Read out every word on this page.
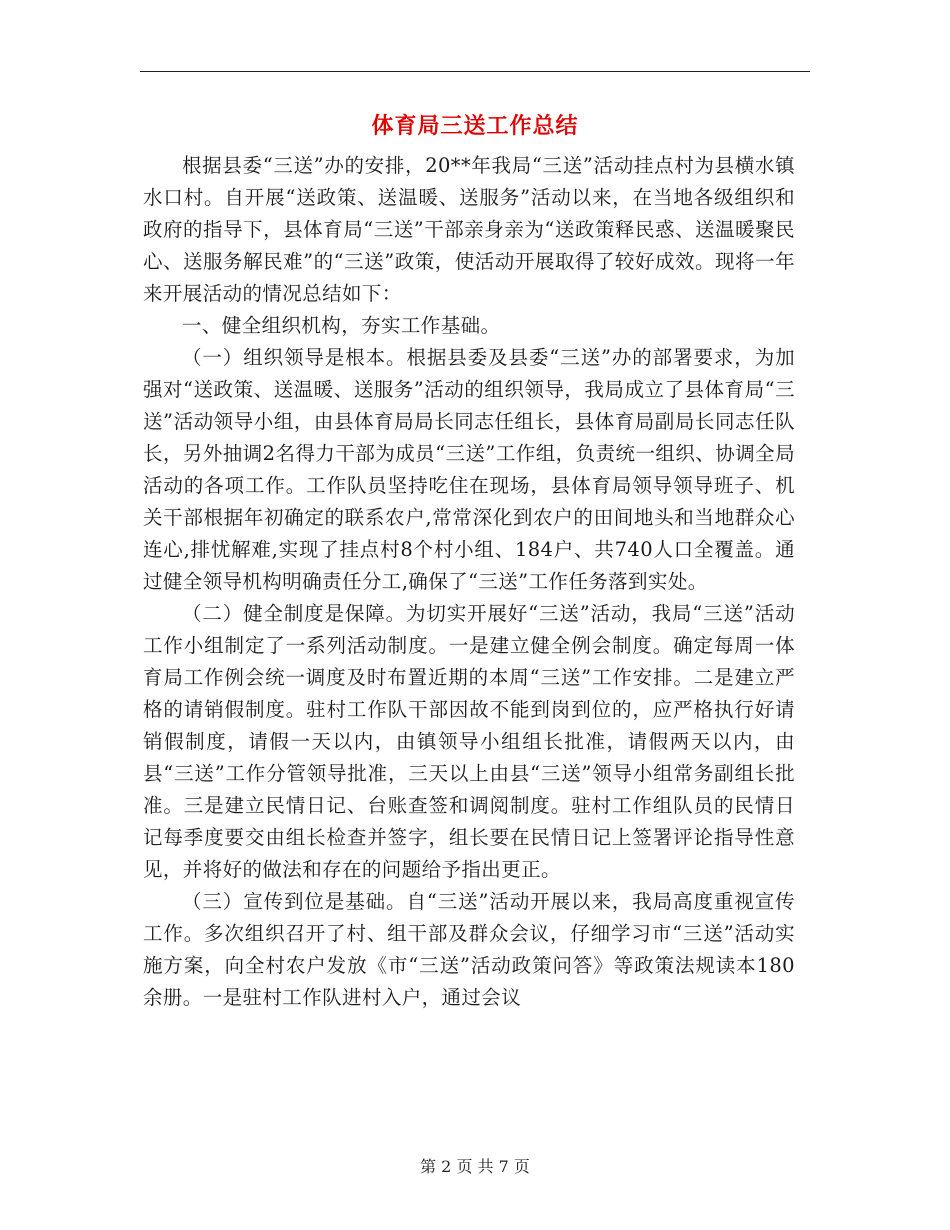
体育局三送工作总结

根据县委“三送”办的安排，20**年我局“三送”活动挂点村为县横水镇水口村。自开展“送政策、送温暖、送服务”活动以来，在当地各级组织和政府的指导下，县体育局“三送”干部亲身亲为“送政策释民惑、送温暖聚民心、送服务解民难”的“三送”政策，使活动开展取得了较好成效。现将一年来开展活动的情况总结如下：

一、健全组织机构，夯实工作基础。

（一）组织领导是根本。根据县委及县委“三送”办的部署要求，为加强对“送政策、送温暖、送服务”活动的组织领导，我局成立了县体育局“三送”活动领导小组，由县体育局局长同志任组长，县体育局副局长同志任队长，另外抽调2名得力干部为成员“三送”工作组，负责统一组织、协调全局活动的各项工作。工作队员坚持吃住在现场，县体育局领导领导班子、机关干部根据年初确定的联系农户,常常深化到农户的田间地头和当地群众心连心,排忧解难,实现了挂点村8个村小组、184户、共740人口全覆盖。通过健全领导机构明确责任分工,确保了“三送”工作任务落到实处。

（二）健全制度是保障。为切实开展好“三送”活动，我局“三送”活动工作小组制定了一系列活动制度。一是建立健全例会制度。确定每周一体育局工作例会统一调度及时布置近期的本周“三送”工作安排。二是建立严格的请销假制度。驻村工作队干部因故不能到岗到位的，应严格执行好请销假制度，请假一天以内，由镇领导小组组长批准，请假两天以内，由县“三送”工作分管领导批准，三天以上由县“三送”领导小组常务副组长批准。三是建立民情日记、台账查签和调阅制度。驻村工作组队员的民情日记每季度要交由组长检查并签字，组长要在民情日记上签署评论指导性意见，并将好的做法和存在的问题给予指出更正。

（三）宣传到位是基础。自“三送”活动开展以来，我局高度重视宣传工作。多次组织召开了村、组干部及群众会议，仔细学习市“三送”活动实施方案，向全村农户发放《市“三送”活动政策问答》等政策法规读本180余册。一是驻村工作队进村入户，通过会议

第 2 页 共 7 页
